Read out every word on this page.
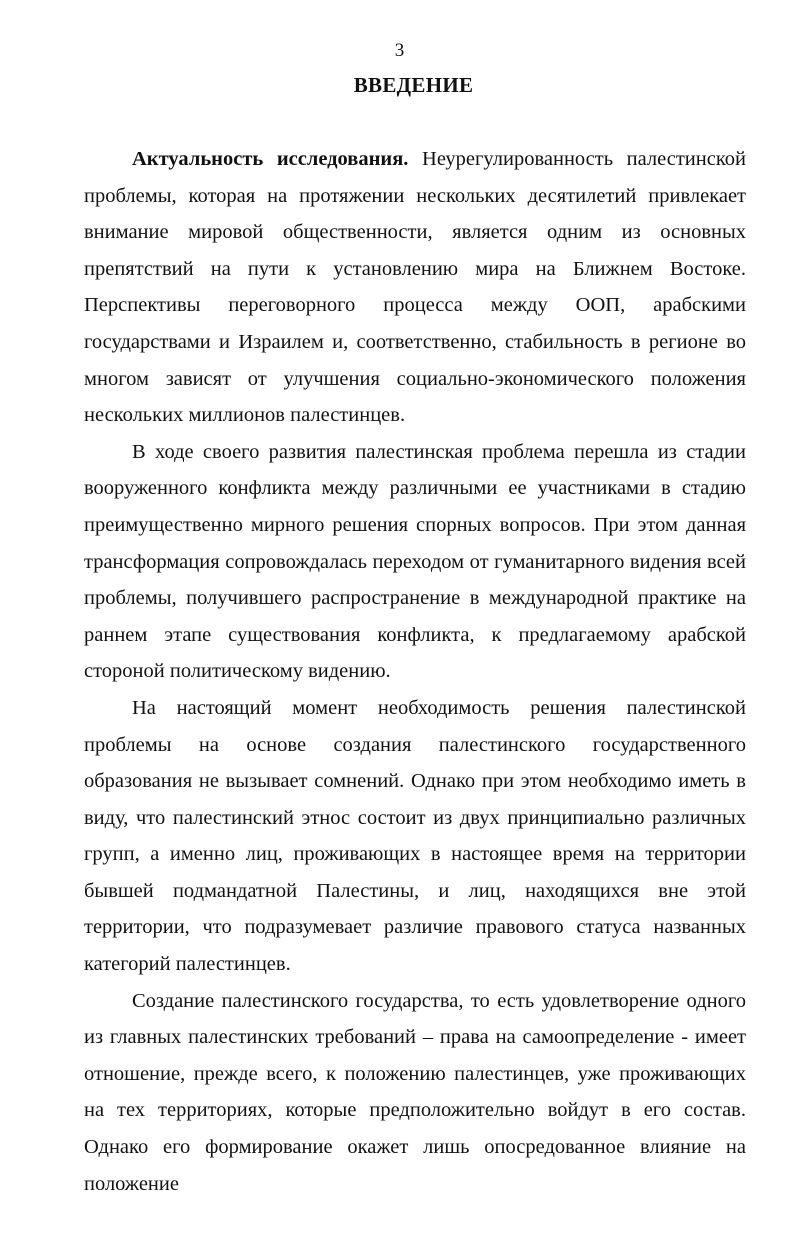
3
ВВЕДЕНИЕ

Актуальность исследования. Неурегулированность палестинской проблемы, которая на протяжении нескольких десятилетий привлекает внимание мировой общественности, является одним из основных препятствий на пути к установлению мира на Ближнем Востоке. Перспективы переговорного процесса между ООП, арабскими государствами и Израилем и, соответственно, стабильность в регионе во многом зависят от улучшения социально-экономического положения нескольких миллионов палестинцев.

В ходе своего развития палестинская проблема перешла из стадии вооруженного конфликта между различными ее участниками в стадию преимущественно мирного решения спорных вопросов. При этом данная трансформация сопровождалась переходом от гуманитарного видения всей проблемы, получившего распространение в международной практике на раннем этапе существования конфликта, к предлагаемому арабской стороной политическому видению.

На настоящий момент необходимость решения палестинской проблемы на основе создания палестинского государственного образования не вызывает сомнений. Однако при этом необходимо иметь в виду, что палестинский этнос состоит из двух принципиально различных групп, а именно лиц, проживающих в настоящее время на территории бывшей подмандатной Палестины, и лиц, находящихся вне этой территории, что подразумевает различие правового статуса названных категорий палестинцев.

Создание палестинского государства, то есть удовлетворение одного из главных палестинских требований – права на самоопределение - имеет отношение, прежде всего, к положению палестинцев, уже проживающих на тех территориях, которые предположительно войдут в его состав. Однако его формирование окажет лишь опосредованное влияние на положение
